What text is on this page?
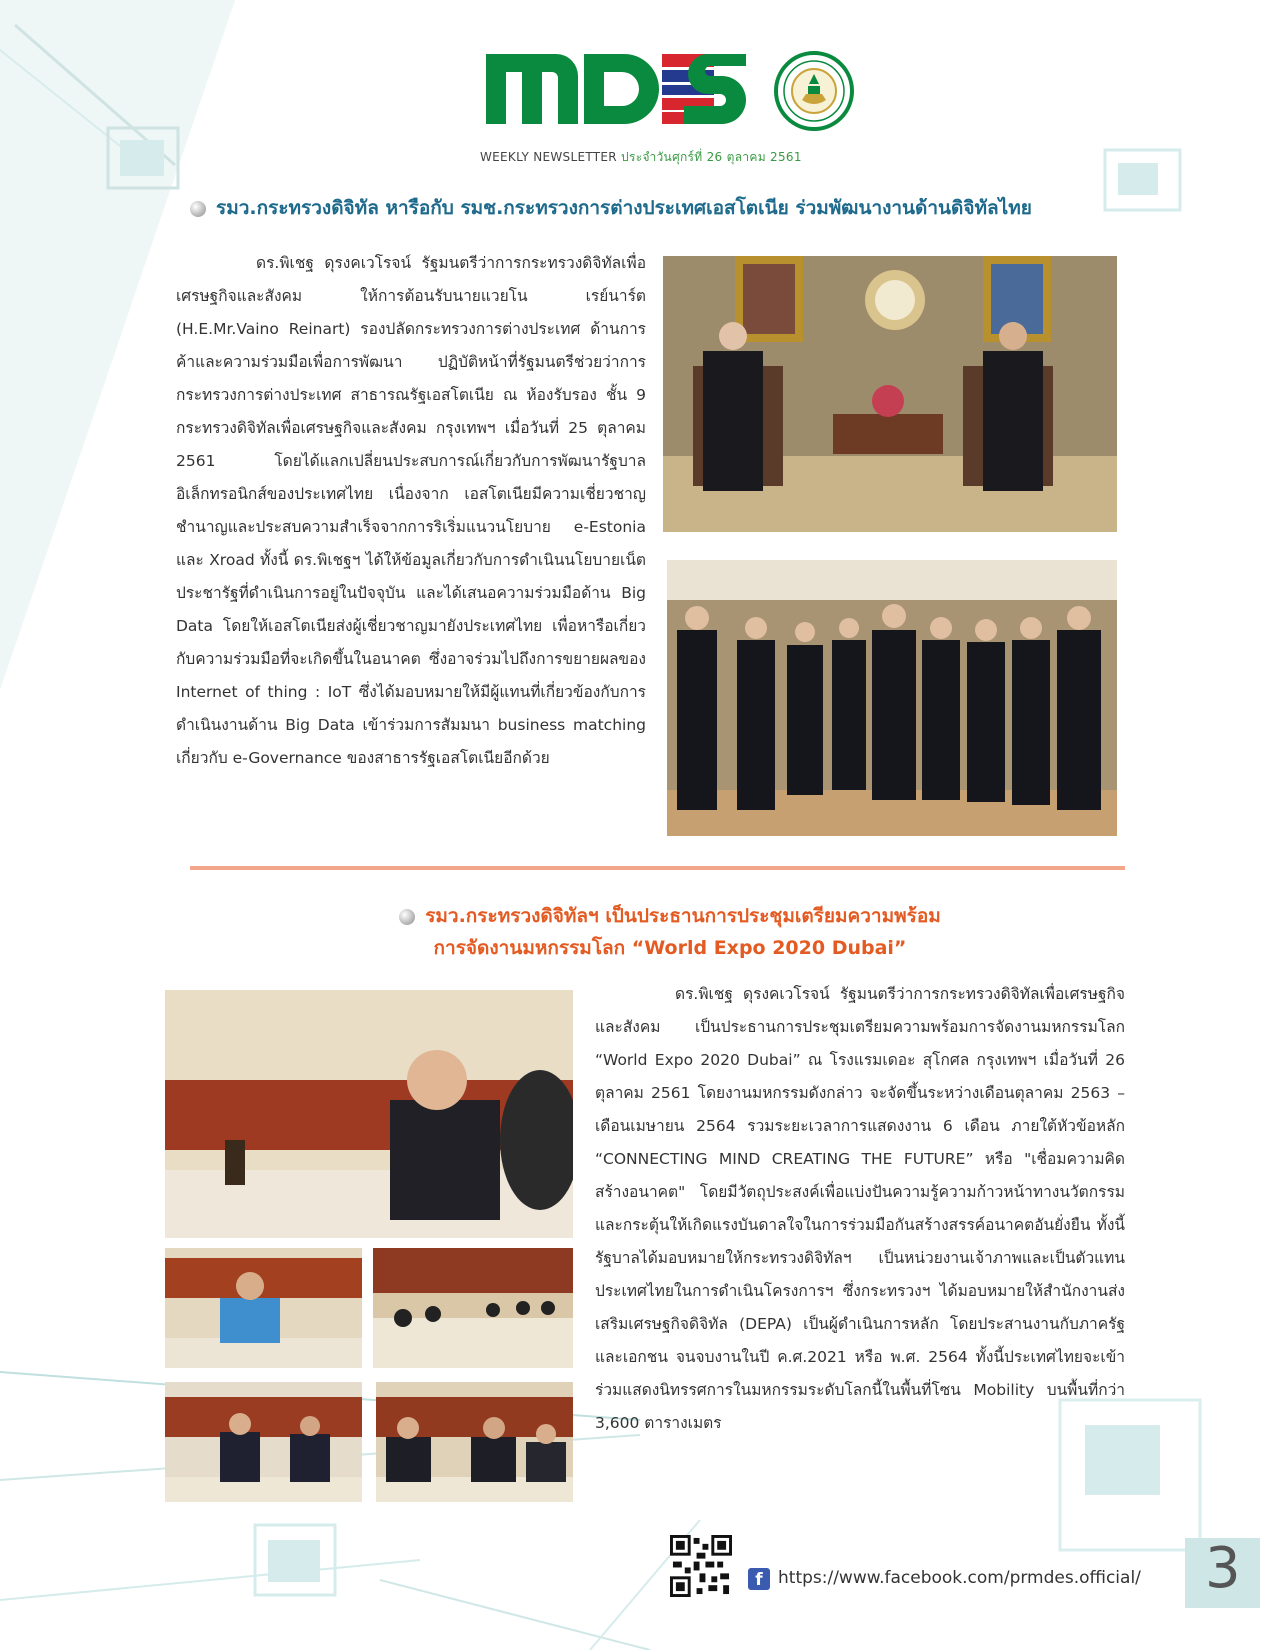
WEEKLY NEWSLETTER ประจำวันศุกร์ที่ 26 ตุลาคม 2561
รมว.กระทรวงดิจิทัล หารือกับ รมช.กระทรวงการต่างประเทศเอสโตเนีย ร่วมพัฒนางานด้านดิจิทัลไทย
ดร.พิเชฐ ดุรงคเวโรจน์ รัฐมนตรีว่าการกระทรวงดิจิทัลเพื่อเศรษฐกิจและสังคม ให้การต้อนรับนายแวยโน เรย์นาร์ต (H.E.Mr.Vaino Reinart) รองปลัดกระทรวงการต่างประเทศ ด้านการค้าและความร่วมมือเพื่อการพัฒนา ปฏิบัติหน้าที่รัฐมนตรีช่วยว่าการกระทรวงการต่างประเทศ สาธารณรัฐเอสโตเนีย ณ ห้องรับรอง ชั้น 9 กระทรวงดิจิทัลเพื่อเศรษฐกิจและสังคม กรุงเทพฯ เมื่อวันที่ 25 ตุลาคม 2561 โดยได้แลกเปลี่ยนประสบการณ์เกี่ยวกับการพัฒนารัฐบาลอิเล็กทรอนิกส์ของประเทศไทย เนื่องจาก เอสโตเนียมีความเชี่ยวชาญชำนาญและประสบความสำเร็จจากการริเริ่มแนวนโยบาย e-Estonia และ Xroad ทั้งนี้ ดร.พิเชฐฯ ได้ให้ข้อมูลเกี่ยวกับการดำเนินนโยบายเน็ตประชารัฐที่ดำเนินการอยู่ในปัจจุบัน และได้เสนอความร่วมมือด้าน Big Data โดยให้เอสโตเนียส่งผู้เชี่ยวชาญมายังประเทศไทย เพื่อหารือเกี่ยวกับความร่วมมือที่จะเกิดขึ้นในอนาคต ซึ่งอาจร่วมไปถึงการขยายผลของ Internet of thing : IoT ซึ่งได้มอบหมายให้มีผู้แทนที่เกี่ยวข้องกับการดำเนินงานด้าน Big Data เข้าร่วมการสัมมนา business matching เกี่ยวกับ e-Governance ของสาธารรัฐเอสโตเนียอีกด้วย
รมว.กระทรวงดิจิทัลฯ เป็นประธานการประชุมเตรียมความพร้อม
การจัดงานมหกรรมโลก “World Expo 2020 Dubai”
ดร.พิเชฐ ดุรงคเวโรจน์ รัฐมนตรีว่าการกระทรวงดิจิทัลเพื่อเศรษฐกิจและสังคม เป็นประธานการประชุมเตรียมความพร้อมการจัดงานมหกรรมโลก “World Expo 2020 Dubai” ณ โรงแรมเดอะ สุโกศล กรุงเทพฯ เมื่อวันที่ 26 ตุลาคม 2561 โดยงานมหกรรมดังกล่าว จะจัดขึ้นระหว่างเดือนตุลาคม 2563 – เดือนเมษายน 2564 รวมระยะเวลาการแสดงงาน 6 เดือน ภายใต้หัวข้อหลัก “CONNECTING MIND CREATING THE FUTURE” หรือ "เชื่อมความคิด สร้างอนาคต" โดยมีวัตถุประสงค์เพื่อแบ่งปันความรู้ความก้าวหน้าทางนวัตกรรมและกระตุ้นให้เกิดแรงบันดาลใจในการร่วมมือกันสร้างสรรค์อนาคตอันยั่งยืน ทั้งนี้ รัฐบาลได้มอบหมายให้กระทรวงดิจิทัลฯ เป็นหน่วยงานเจ้าภาพและเป็นตัวแทนประเทศไทยในการดำเนินโครงการฯ ซึ่งกระทรวงฯ ได้มอบหมายให้สำนักงานส่งเสริมเศรษฐกิจดิจิทัล (DEPA) เป็นผู้ดำเนินการหลัก โดยประสานงานกับภาครัฐและเอกชน จนจบงานในปี ค.ศ.2021 หรือ พ.ศ. 2564 ทั้งนี้ประเทศไทยจะเข้าร่วมแสดงนิทรรศการในมหกรรมระดับโลกนี้ในพื้นที่โซน Mobility บนพื้นที่กว่า 3,600 ตารางเมตร
f https://www.facebook.com/prmdes.official/ 3
